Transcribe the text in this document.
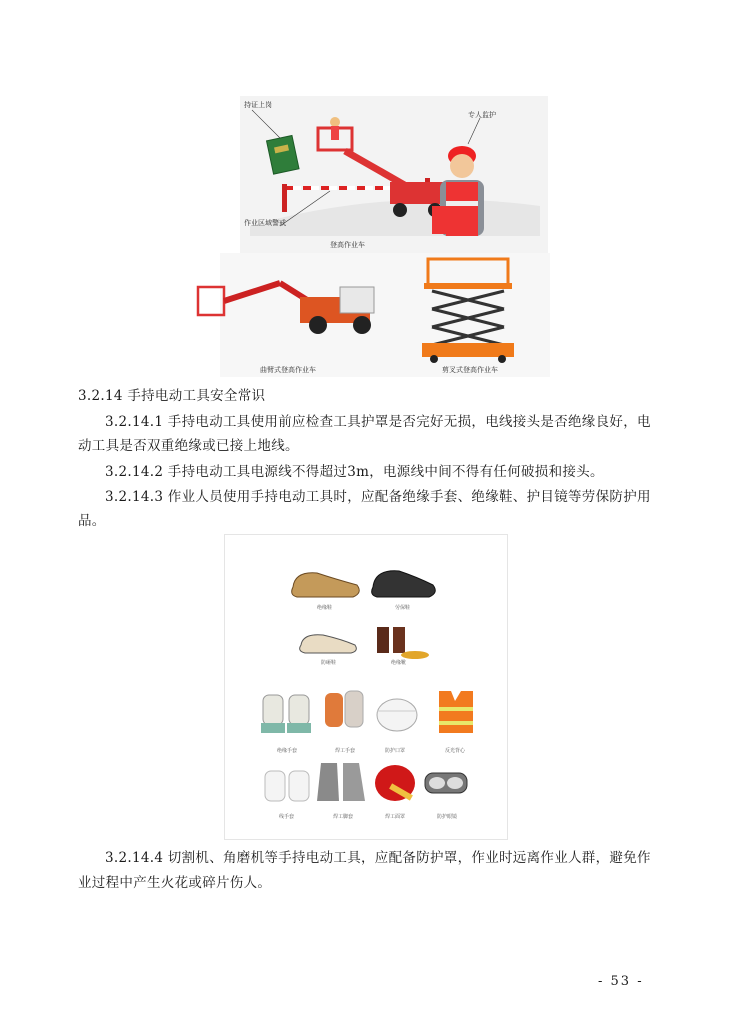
持证上岗
专人监护
作业区域警戒
登高作业车
曲臂式登高作业车	剪叉式登高作业车
3.2.14 手持电动工具安全常识
3.2.14.1 手持电动工具使用前应检查工具护罩是否完好无损，电线接头是否绝缘良好，电
动工具是否双重绝缘或已接上地线。
3.2.14.2 手持电动工具电源线不得超过3m，电源线中间不得有任何破损和接头。
3.2.14.3 作业人员使用手持电动工具时，应配备绝缘手套、绝缘鞋、护目镜等劳保防护用
品。
绝缘鞋	劳保鞋
防砸鞋	绝缘靴
绝缘手套	焊工手套	防护口罩	反光背心
线手套	焊工脚套	焊工面罩	防护眼镜
3.2.14.4 切割机、角磨机等手持电动工具，应配备防护罩，作业时远离作业人群，避免作
业过程中产生火花或碎片伤人。
- 53 -
